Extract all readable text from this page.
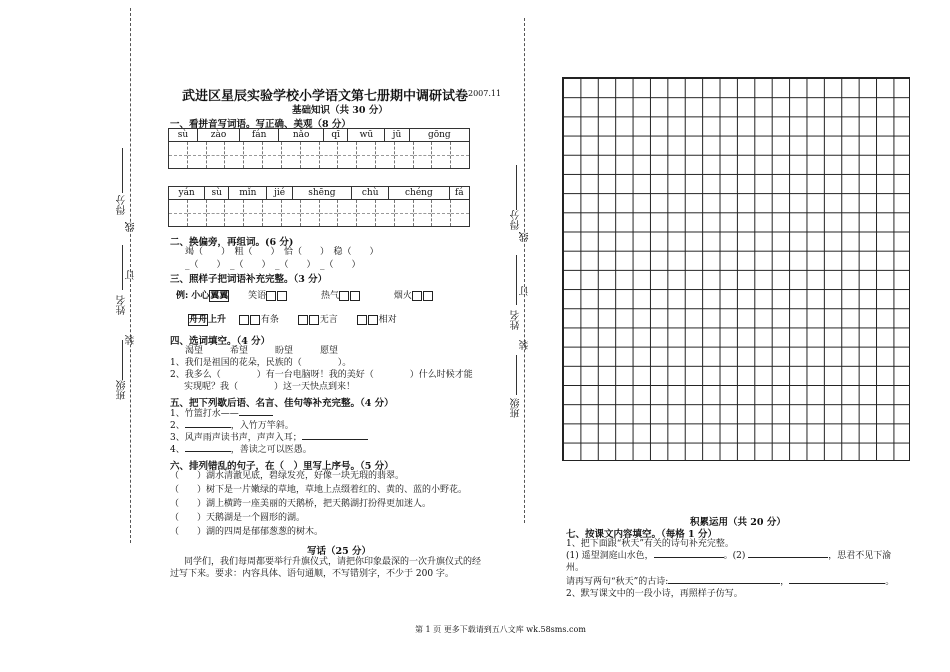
得分
线
订
姓名
装
班级
得分
线
订
姓名
装
班级
武进区星辰实验学校小学语文第七册期中调研试卷 2007.11
基础知识（共 30 分）
一、看拼音写词语。写正确、美观（8 分）
sù	zào	fán	nǎo	qī	wū	jū	gōng

yán	sù	mǐn	jié	shēng	chù	chéng	fá

二、换偏旁，再组词。(6 分)
竭（　　）　粗（　　）　恰（　　）　稳（　　）
_（　　）　_（　　）　_（　　）　_（　　）
三、照样子把词语补充完整。（3 分）
例: 小心翼翼 笑语	热气	烟火
舟舟上升	有条	无言	相对
四、选词填空。（4 分）
渴望　　　希望　　　盼望　　　愿望
1、我们是祖国的花朵，民族的（　　　　）。
2、我多么（　　　　）有一台电脑呀！我的美好（　　　　）什么时候才能
实现呢？我（　　　　）这一天快点到来！
五、把下列歇后语、名言、佳句等补充完整。（4 分）
1、竹篮打水——
2、	，入竹万竿斜。
3、风声雨声读书声，声声入耳；
4、	，善读之可以医愚。
六、排列错乱的句子，在（　）里写上序号。（5 分）
（　　）湖水清澈见底，碧绿发亮，好像一块无瑕的翡翠。
（　　）树下是一片嫩绿的草地，草地上点缀着红的、黄的、蓝的小野花。
（　　）湖上横跨一座美丽的天鹅桥，把天鹅湖打扮得更加迷人。
（　　）天鹅湖是一个圆形的湖。
（　　）湖的四周是郁郁葱葱的树木。
写话（25 分）
同学们，我们每周都要举行升旗仪式，请把你印象最深的一次升旗仪式的经
过写下来。要求：内容具体、语句通顺，不写错别字，不少于 200 字。
积累运用（共 20 分）
七、按课文内容填空。（每格 1 分）
1、把下面跟“秋天”有关的诗句补充完整。
(1) 遥望洞庭山水色，	。(2)	，思君不见下渝
州。
请再写两句“秋天”的古诗:	，	。
2、默写课文中的一段小诗，再照样子仿写。
第 1 页 更多下载请到五八文库 wk.58sms.com
